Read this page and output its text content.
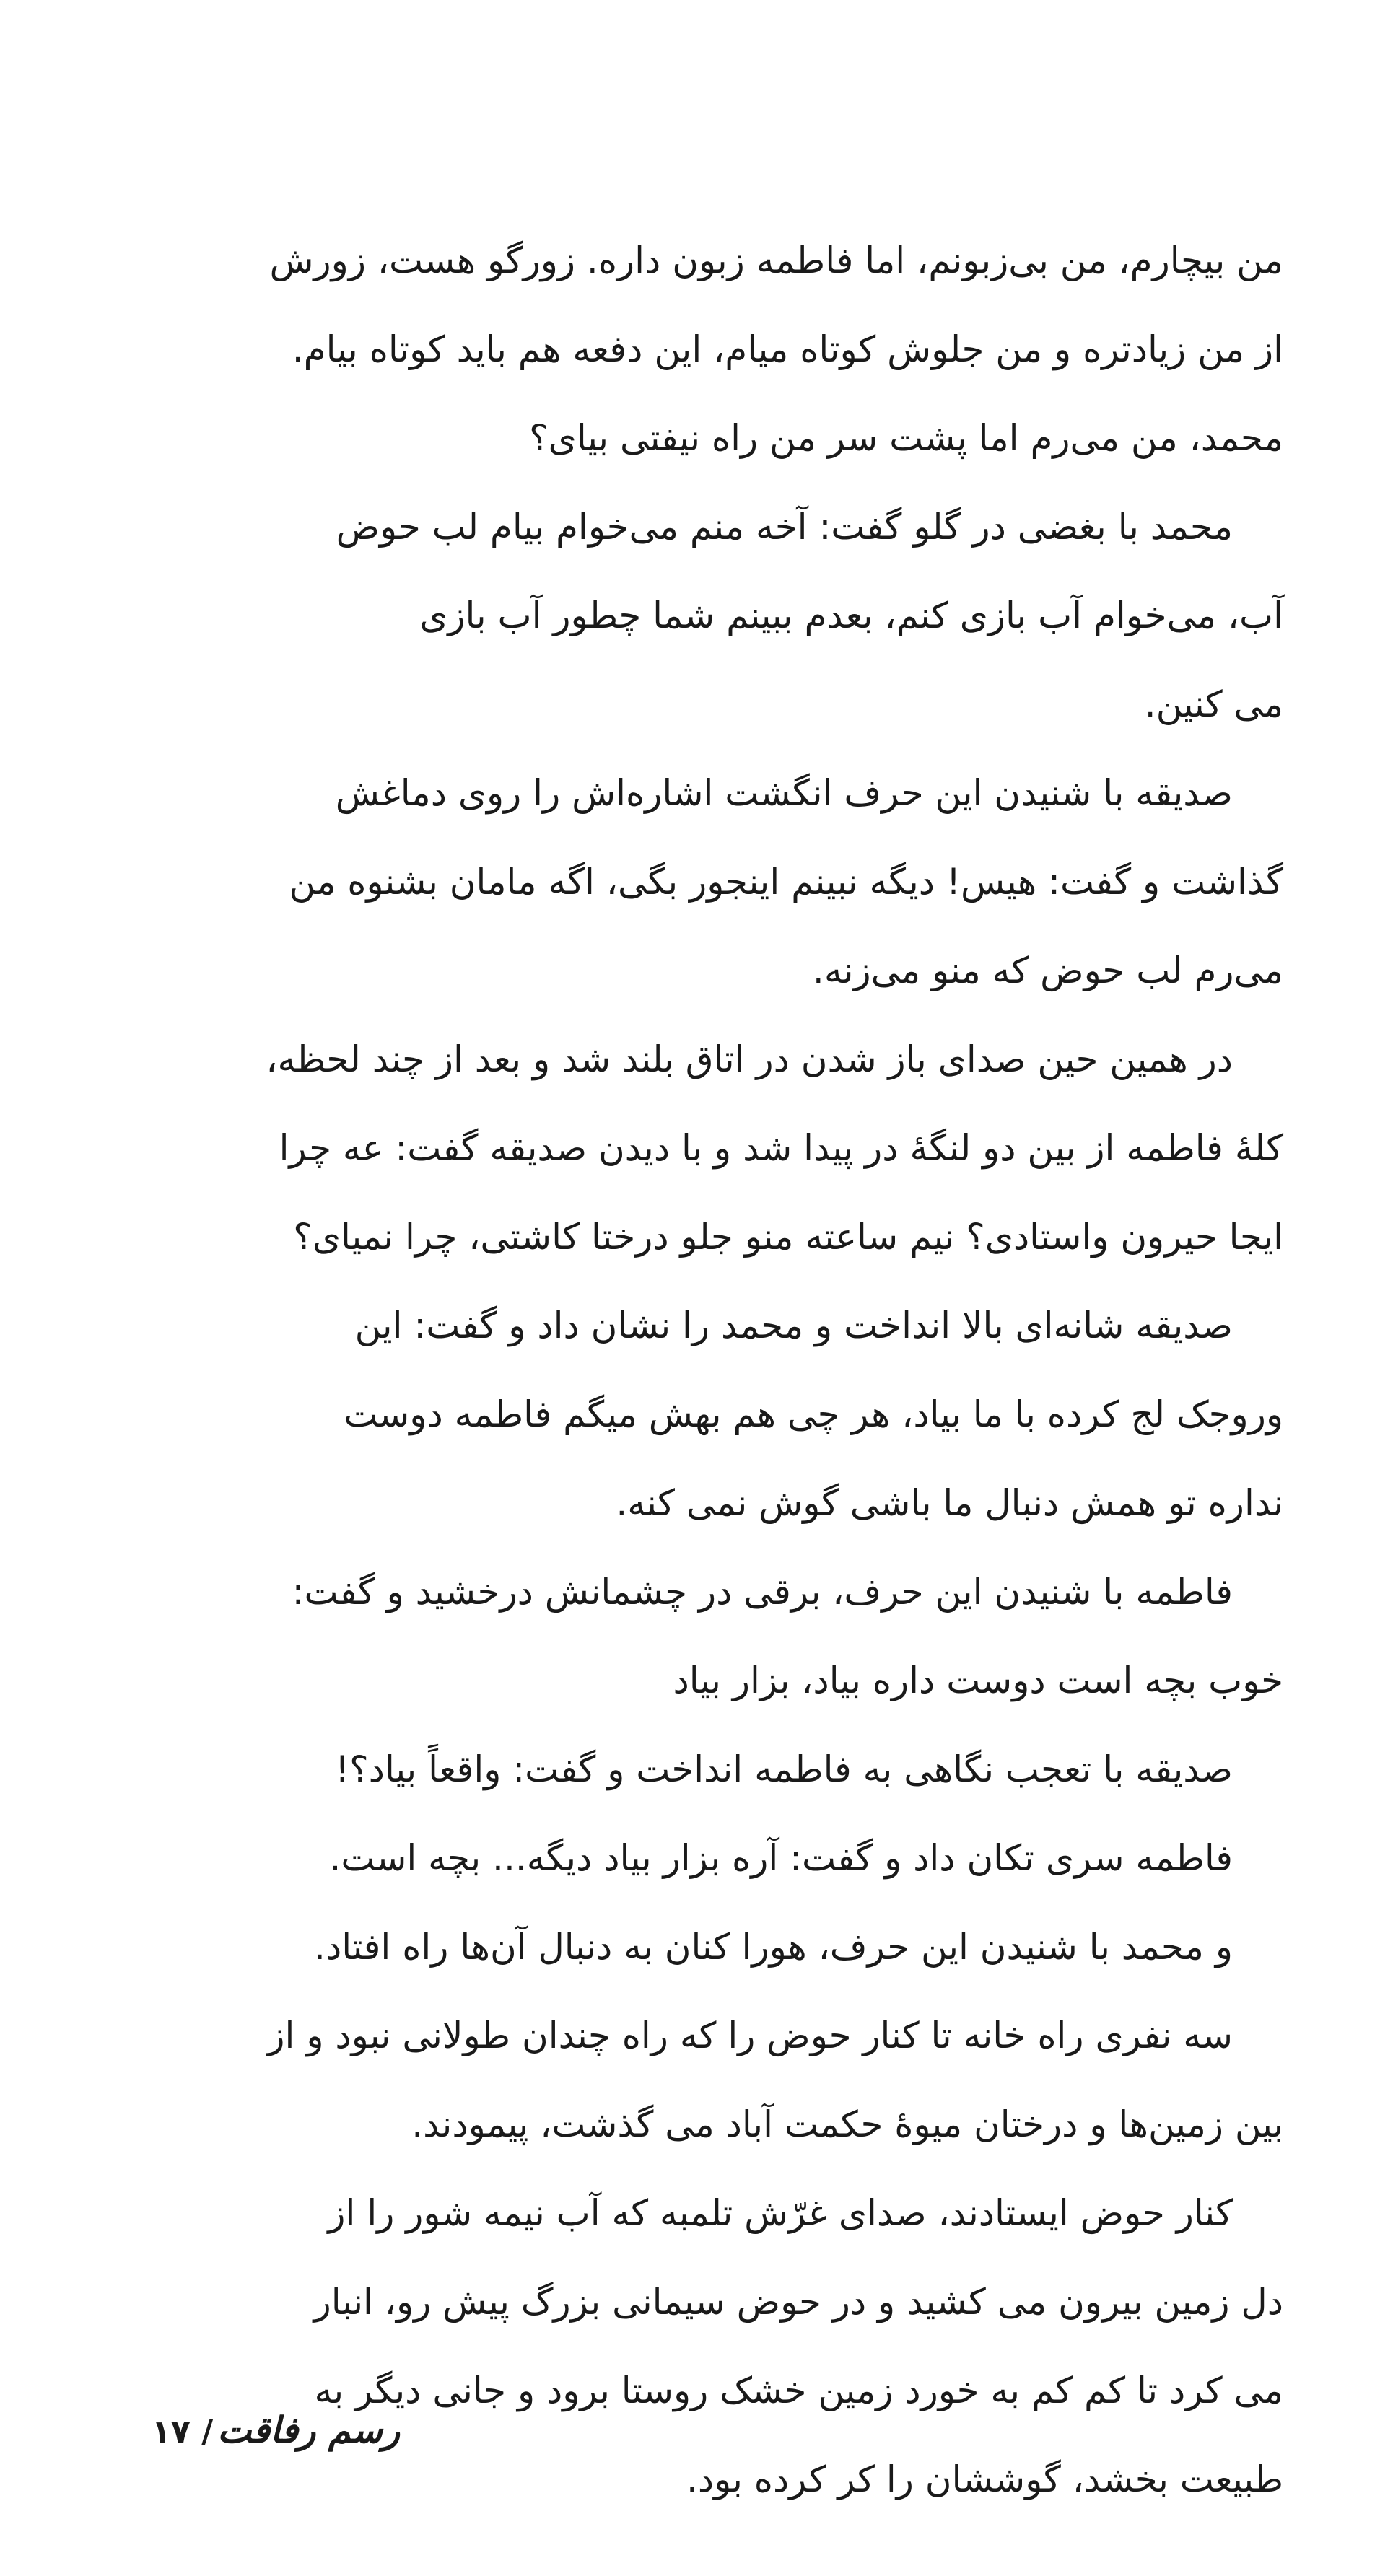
من بیچارم، من بی‌زبونم، اما فاطمه زبون داره. زورگو هست، زورش
از من زیادتره و من جلوش کوتاه میام، این دفعه هم باید کوتاه بیام.
محمد، من می‌رم اما پشت سر من راه نیفتی بیای؟

محمد با بغضی در گلو گفت: آخه منم می‌خوام بیام لب حوض
آب، می‌خوام آب بازی کنم، بعدم ببینم شما چطور آب بازی
می کنین.

صدیقه با شنیدن این حرف انگشت اشاره‌اش را روی دماغش
گذاشت و گفت: هیس! دیگه نبینم اینجور بگی، اگه مامان بشنوه من
می‌رم لب حوض که منو می‌زنه.

در همین حین صدای باز شدن در اتاق بلند شد و بعد از چند لحظه،
کلهٔ فاطمه از بین دو لنگهٔ در پیدا شد و با دیدن صدیقه گفت: عه چرا
ایجا حیرون واستادی؟ نیم ساعته منو جلو درختا کاشتی، چرا نمیای؟

صدیقه شانه‌ای بالا انداخت و محمد را نشان داد و گفت: این
وروجک لج کرده با ما بیاد، هر چی هم بهش میگم فاطمه دوست
نداره تو همش دنبال ما باشی گوش نمی کنه.

فاطمه با شنیدن این حرف، برقی در چشمانش درخشید و گفت:
خوب بچه است دوست داره بیاد، بزار بیاد

صدیقه با تعجب نگاهی به فاطمه انداخت و گفت: واقعاً بیاد؟!

فاطمه سری تکان داد و گفت: آره بزار بیاد دیگه... بچه است.

و محمد با شنیدن این حرف، هورا کنان به دنبال آن‌ها راه افتاد.

سه نفری راه خانه تا کنار حوض را که راه چندان طولانی نبود و از
بین زمین‌ها و درختان میوهٔ حکمت آباد می گذشت، پیمودند.

کنار حوض ایستادند، صدای غرّش تلمبه که آب نیمه شور را از
دل زمین بیرون می کشید و در حوض سیمانی بزرگ پیش رو، انبار
می کرد تا کم کم به خورد زمین خشک روستا برود و جانی دیگر به
طبیعت بخشد، گوششان را کر کرده بود.

رسم رفاقت
/ ۱۷
